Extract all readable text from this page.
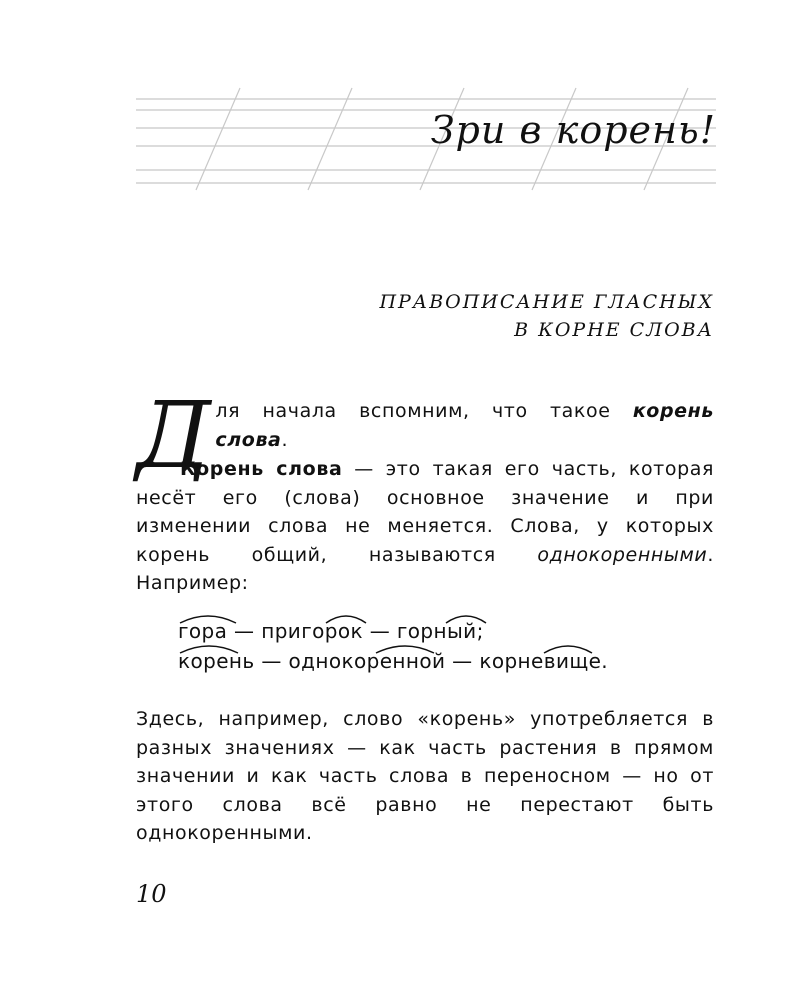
Зри в корень!
ПРАВОПИСАНИЕ ГЛАСНЫХ
В КОРНЕ СЛОВА

Для начала вспомним, что такое корень слова.

Корень слова — это такая его часть, которая несёт его (слова) основное значение и при изменении слова не меняется. Слова, у которых корень общий, называются однокоренными. Например:

гора — пригорок — горный;
корень — однокоренной — корневище.

Здесь, например, слово «корень» употребляется в разных значениях — как часть растения в прямом значении и как часть слова в переносном — но от этого слова всё равно не перестают быть однокоренными.

10
